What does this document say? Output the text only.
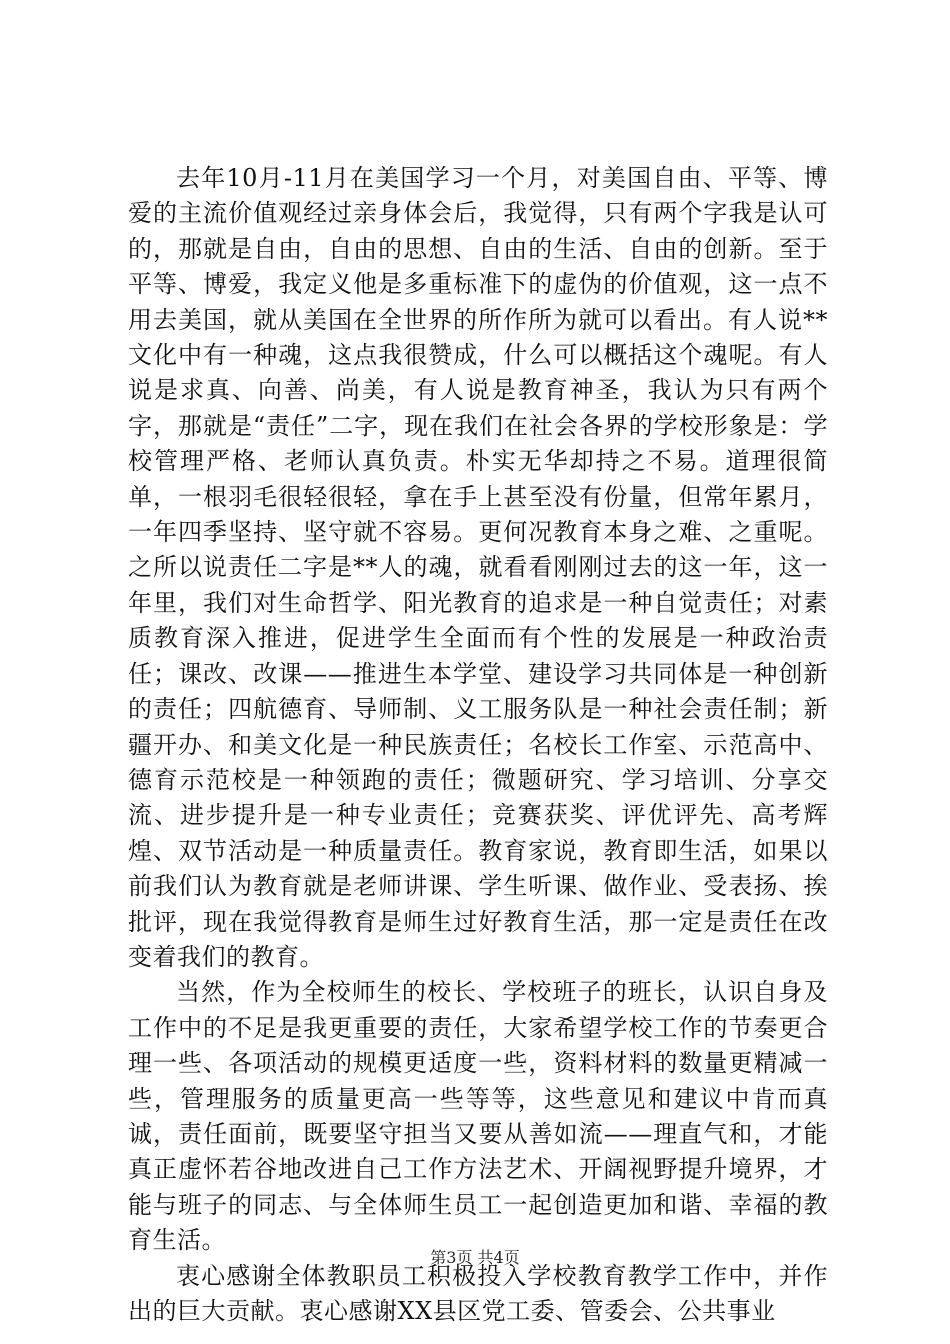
去年10月-11月在美国学习一个月，对美国自由、平等、博爱的主流价值观经过亲身体会后，我觉得，只有两个字我是认可的，那就是自由，自由的思想、自由的生活、自由的创新。至于平等、博爱，我定义他是多重标准下的虚伪的价值观，这一点不用去美国，就从美国在全世界的所作所为就可以看出。有人说**文化中有一种魂，这点我很赞成，什么可以概括这个魂呢。有人说是求真、向善、尚美，有人说是教育神圣，我认为只有两个字，那就是“责任”二字，现在我们在社会各界的学校形象是：学校管理严格、老师认真负责。朴实无华却持之不易。道理很简单，一根羽毛很轻很轻，拿在手上甚至没有份量，但常年累月，一年四季坚持、坚守就不容易。更何况教育本身之难、之重呢。之所以说责任二字是**人的魂，就看看刚刚过去的这一年，这一年里，我们对生命哲学、阳光教育的追求是一种自觉责任；对素质教育深入推进，促进学生全面而有个性的发展是一种政治责任；课改、改课——推进生本学堂、建设学习共同体是一种创新的责任；四航德育、导师制、义工服务队是一种社会责任制；新疆开办、和美文化是一种民族责任；名校长工作室、示范高中、德育示范校是一种领跑的责任；微题研究、学习培训、分享交流、进步提升是一种专业责任；竞赛获奖、评优评先、高考辉煌、双节活动是一种质量责任。教育家说，教育即生活，如果以前我们认为教育就是老师讲课、学生听课、做作业、受表扬、挨批评，现在我觉得教育是师生过好教育生活，那一定是责任在改变着我们的教育。

当然，作为全校师生的校长、学校班子的班长，认识自身及工作中的不足是我更重要的责任，大家希望学校工作的节奏更合理一些、各项活动的规模更适度一些，资料材料的数量更精减一些，管理服务的质量更高一些等等，这些意见和建议中肯而真诚，责任面前，既要坚守担当又要从善如流——理直气和，才能真正虚怀若谷地改进自己工作方法艺术、开阔视野提升境界，才能与班子的同志、与全体师生员工一起创造更加和谐、幸福的教育生活。

衷心感谢全体教职员工积极投入学校教育教学工作中，并作出的巨大贡献。衷心感谢XX县区党工委、管委会、公共事业

第3页 共4页
